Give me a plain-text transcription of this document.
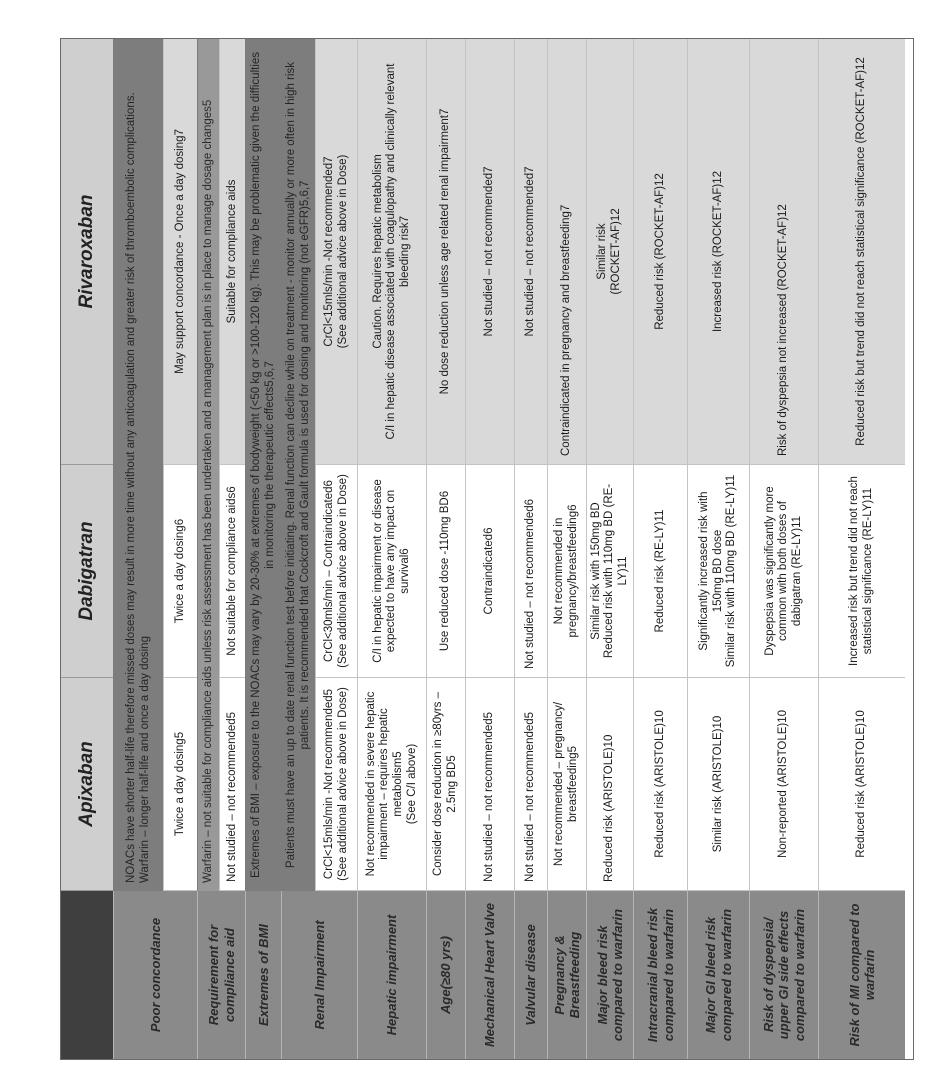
Apixaban
Dabigatran
Rivaroxaban
Poor concordance
NOACs have shorter half-life therefore missed doses may result in more time without any anticoagulation and greater risk of thromboembolic complications. Warfarin – longer half-life and once a day dosing	Twice a day dosing5
Twice a day dosing6
May support concordance - Once a day dosing7
Requirement for compliance aid
Warfarin – not suitable for compliance aids unless risk assessment has been undertaken and a management plan is in place to manage dosage changes5	Not studied – not recommended5
Not suitable for compliance aids6
Suitable for compliance aids
Extremes of BMI
Extremes of BMI – exposure to the NOACs may vary by 20-30% at extremes of bodyweight (<50 kg or >100-120 kg). This may be problematic given the difficulties in monitoring the therapeutic effects5,6,7
Renal Impairment
Patients must have an up to date renal function test before initiating. Renal function can decline while on treatment - monitor annually or more often in high risk patients. It is recommended that Cockcroft and Gault formula is used for dosing and monitoring (not eGFR)5,6,7
CrCl<15mls/min -Not recommended5
(See additional advice above in Dose)
CrCl<30mls/min – Contraindicated6
(See additional advice above in Dose)
CrCl<15mls/min -Not recommended7
(See additional advice above in Dose)
Hepatic impairment
Not recommended in severe hepatic impairment – requires hepatic metabolism5
(See C/I above)
C/I in hepatic impairment or disease expected to have any impact on survival6
Caution. Requires hepatic metabolism
C/I in hepatic disease associated with coagulopathy and clinically relevant bleeding risk7
Age(≥80 yrs)
Consider dose reduction in ≥80yrs – 2.5mg BD5
Use reduced dose -110mg BD6
No dose reduction unless age related renal impairment7
Mechanical Heart Valve
Not studied – not recommended5
Contraindicated6
Not studied – not recommended7
Valvular disease
Not studied – not recommended5
Not studied – not recommended6
Not studied – not recommended7
Pregnancy & Breastfeeding
Not recommended – pregnancy/ breastfeeding5
Not recommended in pregnancy/breastfeeding6
Contraindicated in pregnancy and breastfeeding7
Major bleed risk compared to warfarin
Reduced risk (ARISTOLE)10
Similar risk with 150mg BD
Reduced risk with 110mg BD (RE-LY)11
Similar risk
(ROCKET-AF)12
Intracranial bleed risk compared to warfarin
Reduced risk (ARISTOLE)10
Reduced risk (RE-LY)11
Reduced risk (ROCKET-AF)12
Major GI bleed risk compared to warfarin
Similar risk (ARISTOLE)10
Significantly increased risk with 150mg BD dose
Similar risk with 110mg BD (RE-LY)11
Increased risk (ROCKET-AF)12
Risk of dyspepsia/ upper GI side effects compared to warfarin
Non-reported (ARISTOLE)10
Dyspepsia was significantly more common with both doses of dabigatran (RE-LY)11
Risk of dyspepsia not increased (ROCKET-AF)12
Risk of MI compared to warfarin
Reduced risk (ARISTOLE)10
Increased risk but trend did not reach statistical significance (RE-LY)11
Reduced risk but trend did not reach statistical significance (ROCKET-AF)12
